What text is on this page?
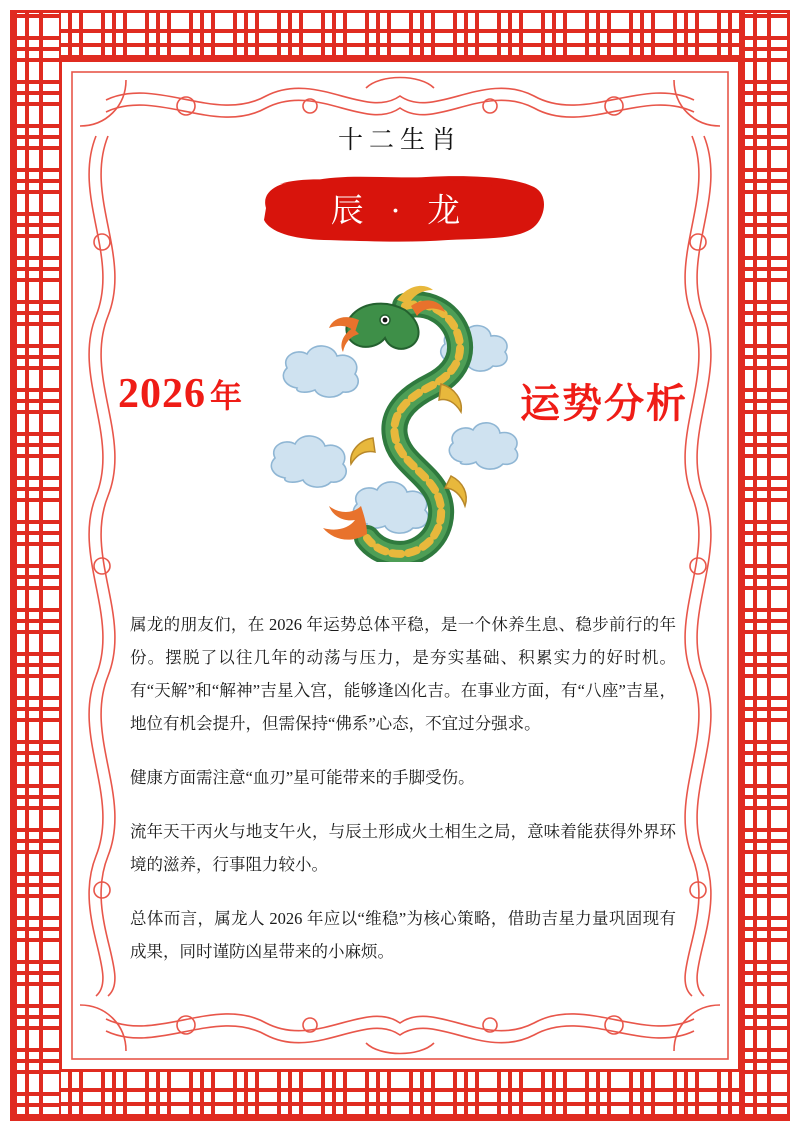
十二生肖
辰 · 龙
2026 年	运势分析

属龙的朋友们，在 2026 年运势总体平稳，是一个休养生息、稳步前行的年份。摆脱了以往几年的动荡与压力，是夯实基础、积累实力的好时机。有“天解”和“解神”吉星入宫，能够逢凶化吉。在事业方面，有“八座”吉星，地位有机会提升，但需保持“佛系”心态，不宜过分强求。

健康方面需注意“血刃”星可能带来的手脚受伤。

流年天干丙火与地支午火，与辰土形成火土相生之局，意味着能获得外界环境的滋养，行事阻力较小。

总体而言，属龙人 2026 年应以“维稳”为核心策略，借助吉星力量巩固现有成果，同时谨防凶星带来的小麻烦。
